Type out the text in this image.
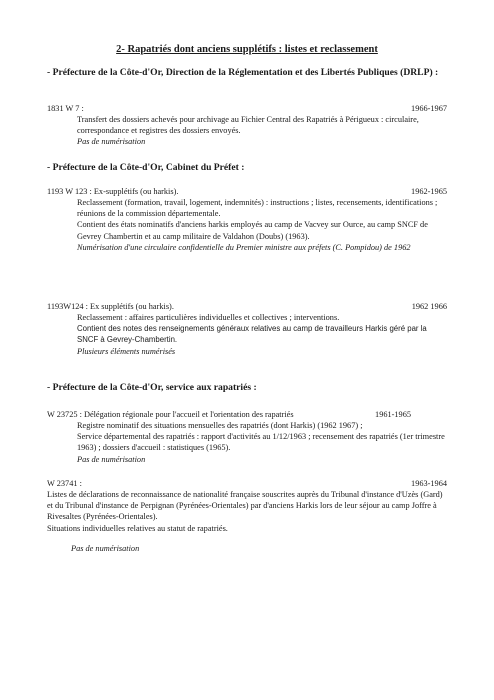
2- Rapatriés dont anciens supplétifs : listes et reclassement
- Préfecture de la Côte-d'Or, Direction de la Réglementation et des Libertés Publiques (DRLP) :
1831 W 7 :	1966-1967

Transfert des dossiers achevés pour archivage au Fichier Central des Rapatriés à Périgueux : circulaire, correspondance et registres des dossiers envoyés.

Pas de numérisation

- Préfecture de la Côte-d'Or, Cabinet du Préfet :
1193 W 123 : Ex-supplétifs (ou harkis).	1962-1965

Reclassement (formation, travail, logement, indemnités) : instructions ; listes, recensements, identifications ; réunions de la commission départementale.

Contient des états nominatifs d'anciens harkis employés au camp de Vacvey sur Ource, au camp SNCF de Gevrey Chambertin et au camp militaire de Valdahon (Doubs) (1963).

Numérisation d'une circulaire confidentielle du Premier ministre aux préfets (C. Pompidou) de 1962

1193W124 : Ex supplétifs (ou harkis).	1962 1966

Reclassement : affaires particulières individuelles et collectives ; interventions.

Contient des notes des renseignements généraux relatives au camp de travailleurs Harkis géré par la SNCF à Gevrey-Chambertin.

Plusieurs éléments numérisés

- Préfecture de la Côte-d'Or, service aux rapatriés :
W 23725 : Délégation régionale pour l'accueil et l'orientation des rapatriés	1961-1965

Registre nominatif des situations mensuelles des rapatriés (dont Harkis) (1962 1967) ;

Service départemental des rapatriés : rapport d'activités au 1/12/1963 ; recensement des rapatriés (1er trimestre 1963) ; dossiers d'accueil : statistiques (1965).

Pas de numérisation

W 23741 :	1963-1964

Listes de déclarations de reconnaissance de nationalité française souscrites auprès du Tribunal d'instance d'Uzès (Gard) et du Tribunal d'instance de Perpignan (Pyrénées-Orientales) par d'anciens Harkis lors de leur séjour au camp Joffre à Rivesaltes (Pyrénées-Orientales).

Situations individuelles relatives au statut de rapatriés.

Pas de numérisation
